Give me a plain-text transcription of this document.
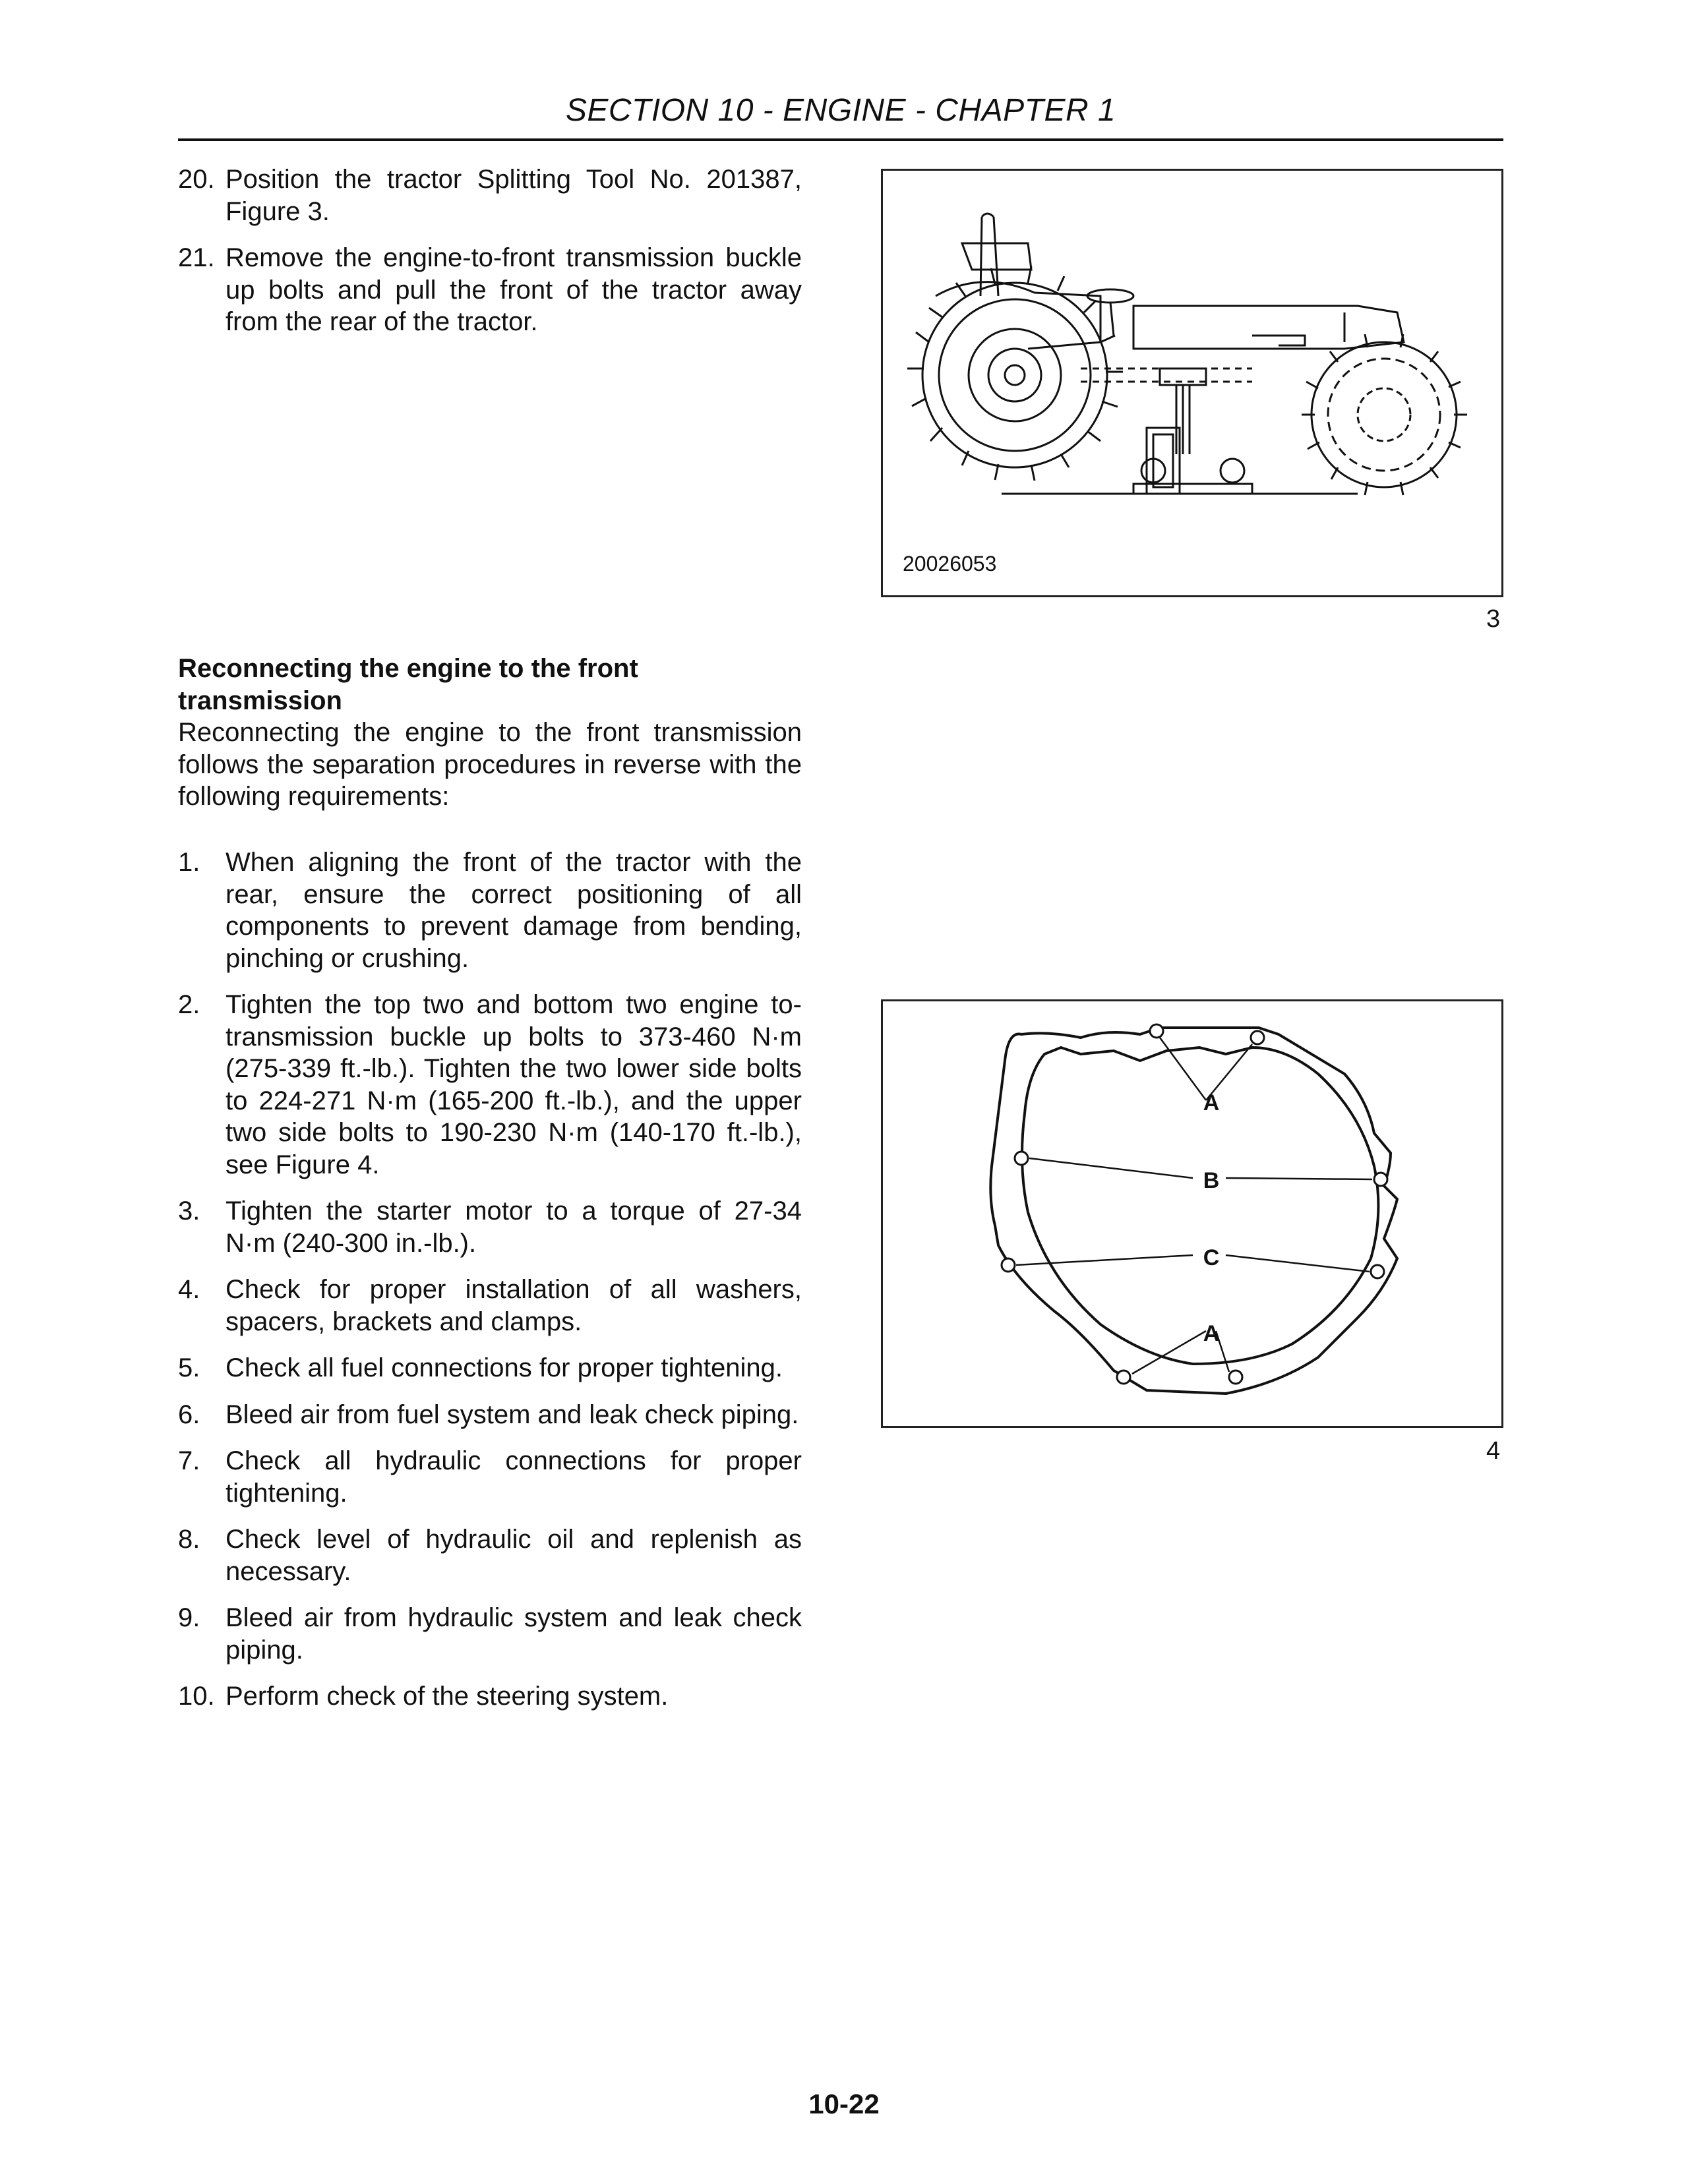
SECTION 10 - ENGINE - CHAPTER 1
20. Position the tractor Splitting Tool No. 201387, Figure 3.
21. Remove the engine-to-front transmission buckle up bolts and pull the front of the tractor away from the rear of the tractor.
Reconnecting the engine to the front transmission
Reconnecting the engine to the front transmission follows the separation procedures in reverse with the following requirements:
1. When aligning the front of the tractor with the rear, ensure the correct positioning of all components to prevent damage from bending, pinching or crushing.
2. Tighten the top two and bottom two engine to-transmission buckle up bolts to 373-460 N·m (275-339 ft.-lb.). Tighten the two lower side bolts to 224-271 N·m (165-200 ft.-lb.), and the upper two side bolts to 190-230 N·m (140-170 ft.-lb.), see Figure 4.
3. Tighten the starter motor to a torque of 27-34 N·m (240-300 in.-lb.).
4. Check for proper installation of all washers, spacers, brackets and clamps.
5. Check all fuel connections for proper tightening.
6. Bleed air from fuel system and leak check piping.
7. Check all hydraulic connections for proper tightening.
8. Check level of hydraulic oil and replenish as necessary.
9. Bleed air from hydraulic system and leak check piping.
10. Perform check of the steering system.
20026053
3
A
B
C
A
4
10-22
